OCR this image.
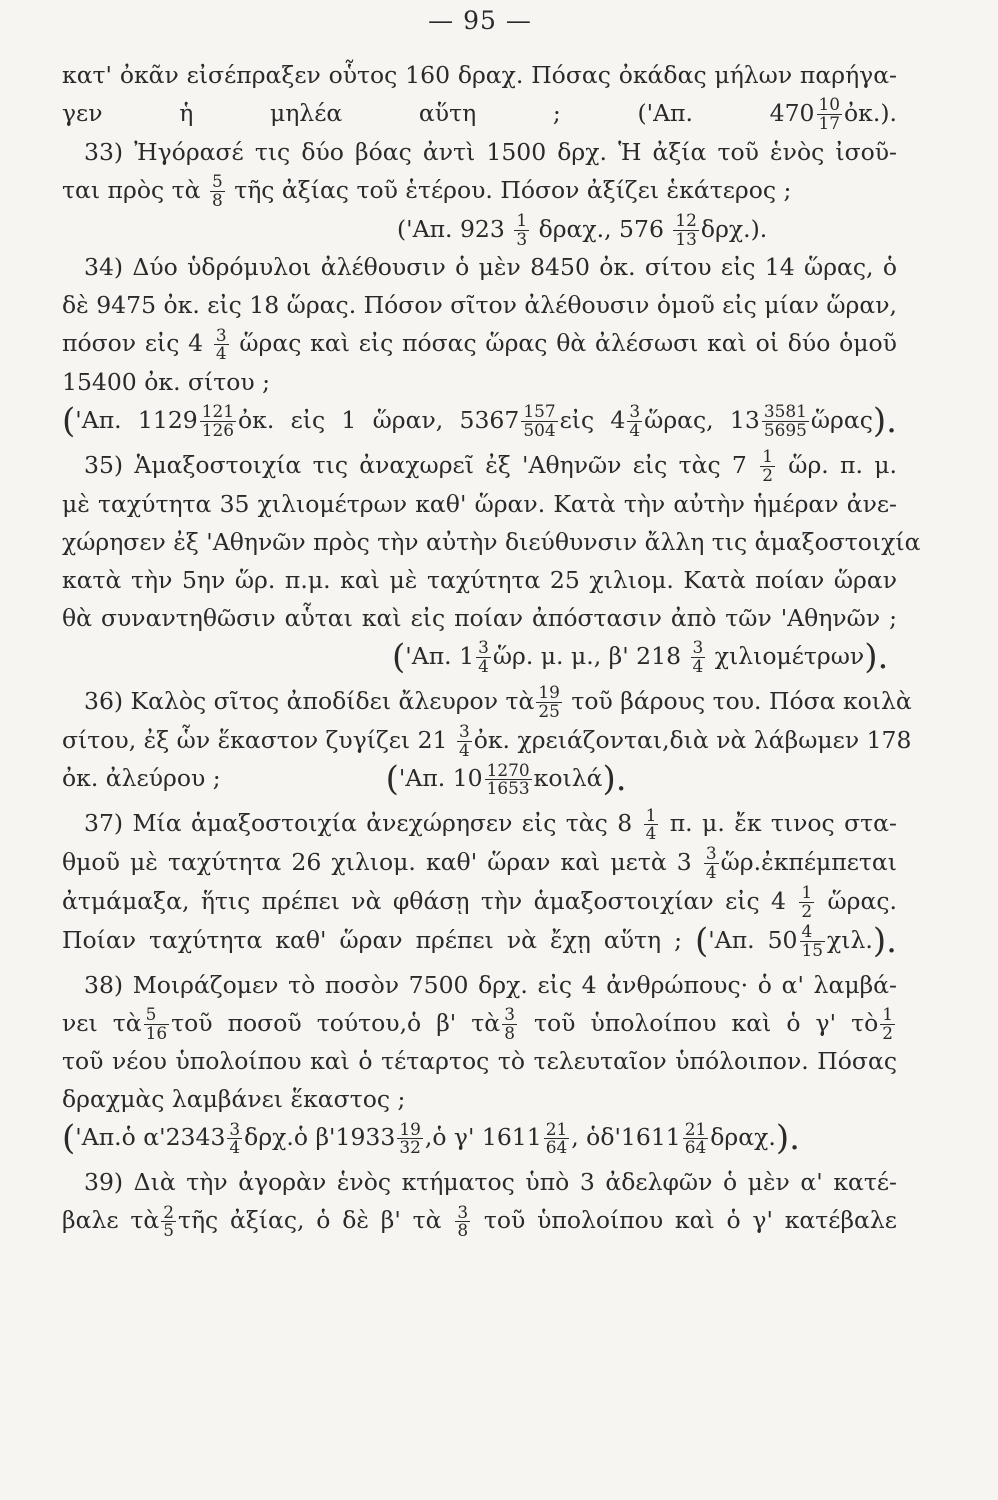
— 95 —
κατ' ὀκᾶν εἰσέπραξεν οὗτος 160 δραχ. Πόσας ὀκάδας μήλων παρήγα-
γεν ἡ μηλέα αὕτη ;	('Απ. $470 \frac{10}{17}$ ὀκ.).
33) Ἠγόρασέ τις δύο βόας ἀντὶ 1500 δρχ. Ἡ ἀξία τοῦ ἑνὸς ἰσοῦ-
ται πρὸς τὰ $\frac{5}{8}$ τῆς ἀξίας τοῦ ἑτέρου. Πόσον ἀξίζει ἑκάτερος ;
('Απ. $923 \frac{1}{3} \delta\rho\alpha\chi$., $576 \frac{12}{13} \delta\rho\chi$.).
34) Δύο ὑδρόμυλοι ἀλέθουσιν ὁ μὲν 8450 ὀκ. σίτου εἰς 14 ὥρας, ὁ
δὲ 9475 ὀκ. εἰς 18 ὥρας. Πόσον σῖτον ἀλέθουσιν ὁμοῦ εἰς μίαν ὥραν,
πόσον εἰς $4 \frac{3}{4}$ ὥρας καὶ εἰς πόσας ὥρας θὰ ἀλέσωσι καὶ οἱ δύο ὁμοῦ
15400 ὀκ. σίτου ;
('Απ. $1129 \frac{121}{126}$ ὀκ. εἰς 1 ὥραν, $5367 \frac{157}{504}$ εἰς $4 \frac{3}{4}$ ὥρας, $13 \frac{3581}{5695}$ ὥρας).
35) Ἁμαξοστοιχία τις ἀναχωρεῖ ἐξ 'Αθηνῶν εἰς τὰς $7 \frac{1}{2}$ ὥρ. π. μ.
μὲ ταχύτητα 35 χιλιομέτρων καθ' ὥραν. Κατὰ τὴν αὐτὴν ἡμέραν ἀνε-
χώρησεν ἐξ 'Αθηνῶν πρὸς τὴν αὐτὴν διεύθυνσιν ἄλλη τις ἁμαξοστοιχία
κατὰ τὴν 5ην ὥρ. π.μ. καὶ μὲ ταχύτητα 25 χιλιομ. Κατὰ ποίαν ὥραν
θὰ συναντηθῶσιν αὗται καὶ εἰς ποίαν ἀπόστασιν ἀπὸ τῶν 'Αθηνῶν ;
('Απ. $1 \frac{3}{4}$ ὥρ. μ. μ., β' $218 \frac{3}{4} \chi\iota\lambda\iota o\mu έ\tau\rho\omega\nu$).
36) Καλὸς σῖτος ἀποδίδει ἄλευρον τὰ $\frac{19}{25}$ τοῦ βάρους του. Πόσα κοιλὰ
σίτου, ἐξ ὧν ἕκαστον ζυγίζει $21 \frac{3}{4}$ ὀκ. χρειάζονται,διὰ νὰ λάβωμεν 178
ὀκ. ἀλεύρου ;	('Απ. $10 \frac{1270}{1653} \kappa o\iota\lambda ά$).
37) Μία ἁμαξοστοιχία ἀνεχώρησεν εἰς τὰς $8 \frac{1}{4} \pi$. μ. ἔκ τινος στα-
θμοῦ μὲ ταχύτητα 26 χιλιομ. καθ' ὥραν καὶ μετὰ $3 \frac{3}{4}$ ὥρ.ἐκπέμπεται
ἀτμάμαξα, ἥτις πρέπει νὰ φθάσῃ τὴν ἁμαξοστοιχίαν εἰς $4 \frac{1}{2}$ ὥρας.
Ποίαν ταχύτητα καθ' ὥραν πρέπει νὰ ἔχῃ αὕτη ; ('Απ. $50 \frac{4}{15} \chi\iota\lambda$.).
38) Μοιράζομεν τὸ ποσὸν 7500 δρχ. εἰς 4 ἀνθρώπους· ὁ α' λαμβά-
νει τὰ $\frac{5}{16}$ τοῦ ποσοῦ τούτου,ὁ β' τὰ $\frac{3}{8}$ τοῦ ὑπολοίπου καὶ ὁ γ' τὸ $\frac{1}{2}$
τοῦ νέου ὑπολοίπου καὶ ὁ τέταρτος τὸ τελευταῖον ὑπόλοιπον. Πόσας
δραχμὰς λαμβάνει ἕκαστος ;
('Απ.ὁ $\alpha'2343 \frac{3}{4}$ δρχ.ὁ $\beta'1933 \frac{19}{32}$ ,ὁ γ' $1611 \frac{21}{64}$ , ὁδ'1611 $\frac{21}{64} \delta\rho\alpha\chi$.).
39) Διὰ τὴν ἀγορὰν ἑνὸς κτήματος ὑπὸ 3 ἀδελφῶν ὁ μὲν α' κατέ-
βαλε τὰ $\frac{2}{5}$ τῆς ἀξίας, ὁ δὲ β' τὰ $\frac{3}{8}$ τοῦ ὑπολοίπου καὶ ὁ γ' κατέβαλε
